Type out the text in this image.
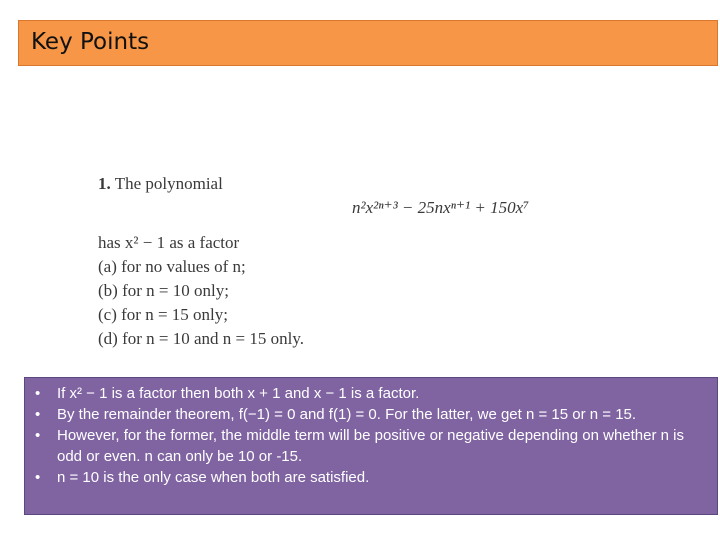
Key Points
1. The polynomial
n²x²ⁿ⁺³ − 25nxⁿ⁺¹ + 150x⁷
has x² − 1 as a factor
(a) for no values of n;
(b) for n = 10 only;
(c) for n = 15 only;
(d) for n = 10 and n = 15 only.
• If x² − 1 is a factor then both x + 1 and x − 1 is a factor.
• By the remainder theorem, f(−1) = 0 and f(1) = 0. For the latter, we get n = 15 or n = 15.
• However, for the former, the middle term will be positive or negative depending on whether n is odd or even. n can only be 10 or -15.
• n = 10 is the only case when both are satisfied.
